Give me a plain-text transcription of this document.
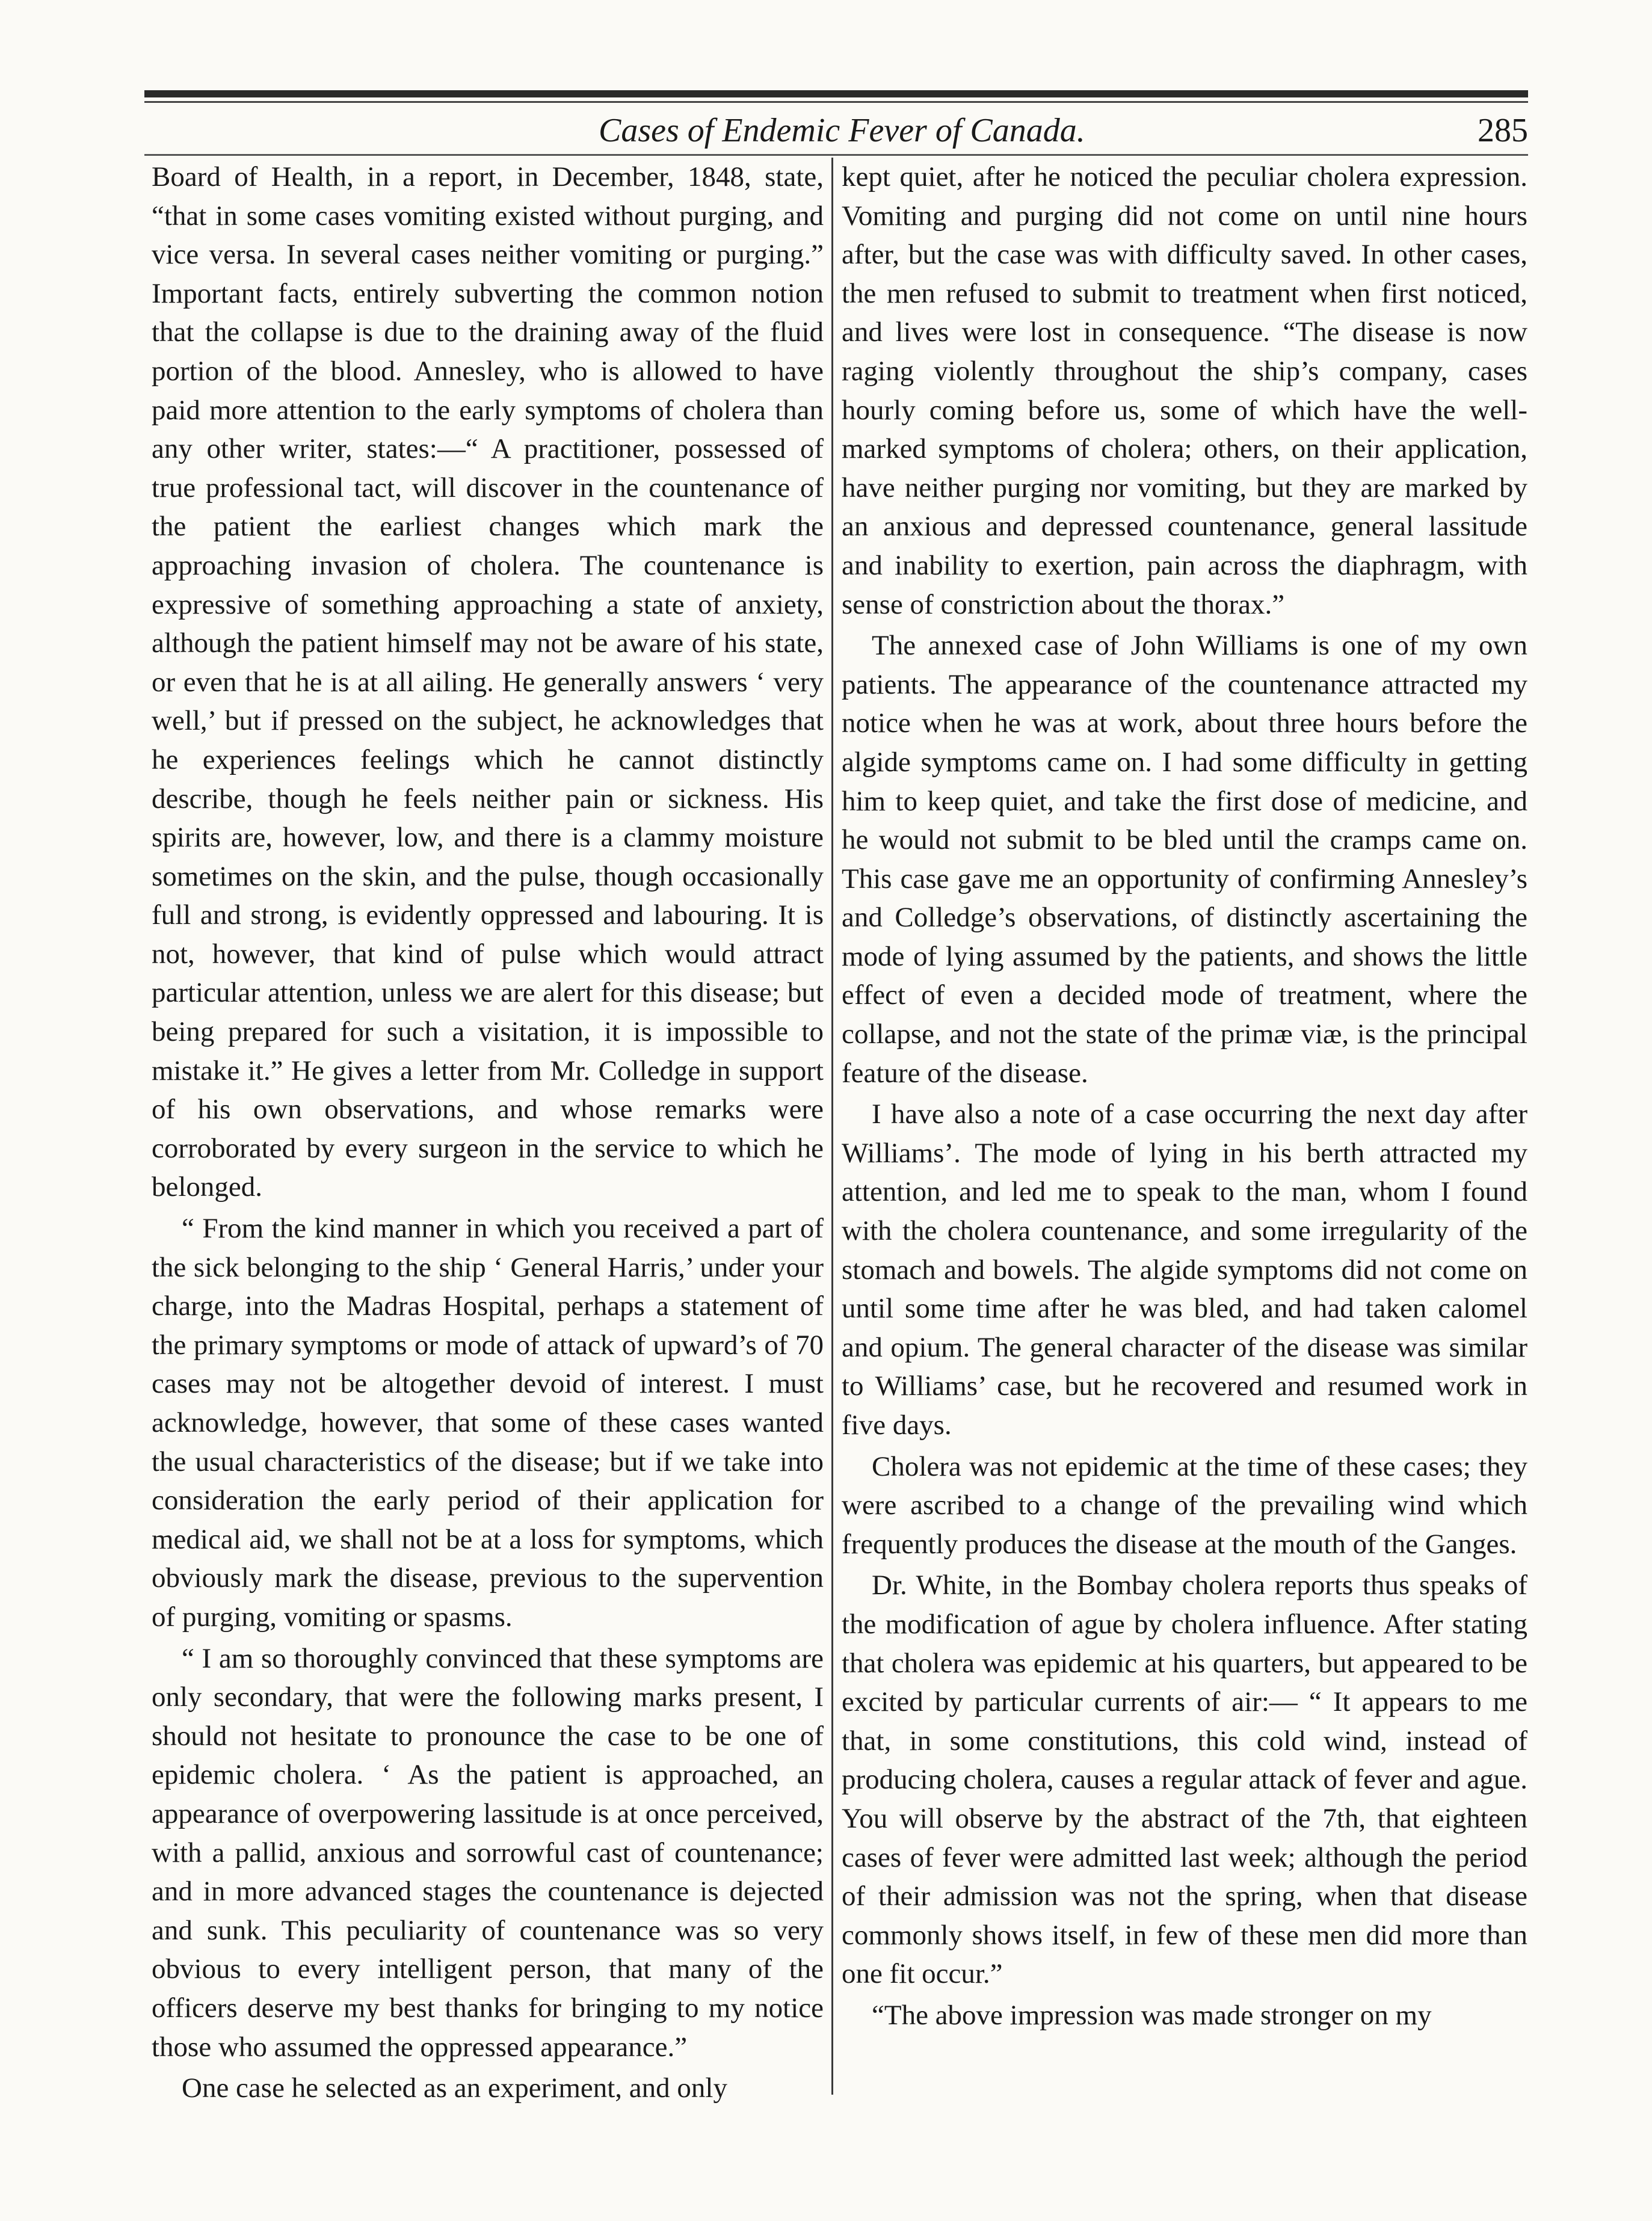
Cases of Endemic Fever of Canada.	285

Board of Health, in a report, in December, 1848, state, “that in some cases vomiting existed without purging, and vice versa. In several cases neither vomiting or purging.” Important facts, entirely subverting the common notion that the collapse is due to the draining away of the fluid portion of the blood. Annesley, who is allowed to have paid more attention to the early symptoms of cholera than any other writer, states:—“ A practitioner, possessed of true professional tact, will discover in the countenance of the patient the earliest changes which mark the approaching invasion of cholera. The countenance is expressive of something approaching a state of anxiety, although the patient himself may not be aware of his state, or even that he is at all ailing. He generally answers ‘ very well,’ but if pressed on the subject, he acknowledges that he experiences feelings which he cannot distinctly describe, though he feels neither pain or sickness. His spirits are, however, low, and there is a clammy moisture sometimes on the skin, and the pulse, though occasionally full and strong, is evidently oppressed and labouring. It is not, however, that kind of pulse which would attract particular attention, unless we are alert for this disease; but being prepared for such a visitation, it is impossible to mistake it.” He gives a letter from Mr. Colledge in support of his own observations, and whose remarks were corroborated by every surgeon in the service to which he belonged.

“ From the kind manner in which you received a part of the sick belonging to the ship ‘ General Harris,’ under your charge, into the Madras Hospital, perhaps a statement of the primary symptoms or mode of attack of upward’s of 70 cases may not be altogether devoid of interest. I must acknowledge, however, that some of these cases wanted the usual characteristics of the disease; but if we take into consideration the early period of their application for medical aid, we shall not be at a loss for symptoms, which obviously mark the disease, previous to the supervention of purging, vomiting or spasms.

“ I am so thoroughly convinced that these symptoms are only secondary, that were the following marks present, I should not hesitate to pronounce the case to be one of epidemic cholera. ‘ As the patient is approached, an appearance of overpowering lassitude is at once perceived, with a pallid, anxious and sorrowful cast of countenance; and in more advanced stages the countenance is dejected and sunk. This peculiarity of countenance was so very obvious to every intelligent person, that many of the officers deserve my best thanks for bringing to my notice those who assumed the oppressed appearance.”

One case he selected as an experiment, and only

kept quiet, after he noticed the peculiar cholera expression. Vomiting and purging did not come on until nine hours after, but the case was with difficulty saved. In other cases, the men refused to submit to treatment when first noticed, and lives were lost in consequence. “The disease is now raging violently throughout the ship’s company, cases hourly coming before us, some of which have the well-marked symptoms of cholera; others, on their application, have neither purging nor vomiting, but they are marked by an anxious and depressed countenance, general lassitude and inability to exertion, pain across the diaphragm, with sense of constriction about the thorax.”

The annexed case of John Williams is one of my own patients. The appearance of the countenance attracted my notice when he was at work, about three hours before the algide symptoms came on. I had some difficulty in getting him to keep quiet, and take the first dose of medicine, and he would not submit to be bled until the cramps came on. This case gave me an opportunity of confirming Annesley’s and Colledge’s observations, of distinctly ascertaining the mode of lying assumed by the patients, and shows the little effect of even a decided mode of treatment, where the collapse, and not the state of the primæ viæ, is the principal feature of the disease.

I have also a note of a case occurring the next day after Williams’. The mode of lying in his berth attracted my attention, and led me to speak to the man, whom I found with the cholera countenance, and some irregularity of the stomach and bowels. The algide symptoms did not come on until some time after he was bled, and had taken calomel and opium. The general character of the disease was similar to Williams’ case, but he recovered and resumed work in five days.

Cholera was not epidemic at the time of these cases; they were ascribed to a change of the prevailing wind which frequently produces the disease at the mouth of the Ganges.

Dr. White, in the Bombay cholera reports thus speaks of the modification of ague by cholera influence. After stating that cholera was epidemic at his quarters, but appeared to be excited by particular currents of air:— “ It appears to me that, in some constitutions, this cold wind, instead of producing cholera, causes a regular attack of fever and ague. You will observe by the abstract of the 7th, that eighteen cases of fever were admitted last week; although the period of their admission was not the spring, when that disease commonly shows itself, in few of these men did more than one fit occur.”

“The above impression was made stronger on my
